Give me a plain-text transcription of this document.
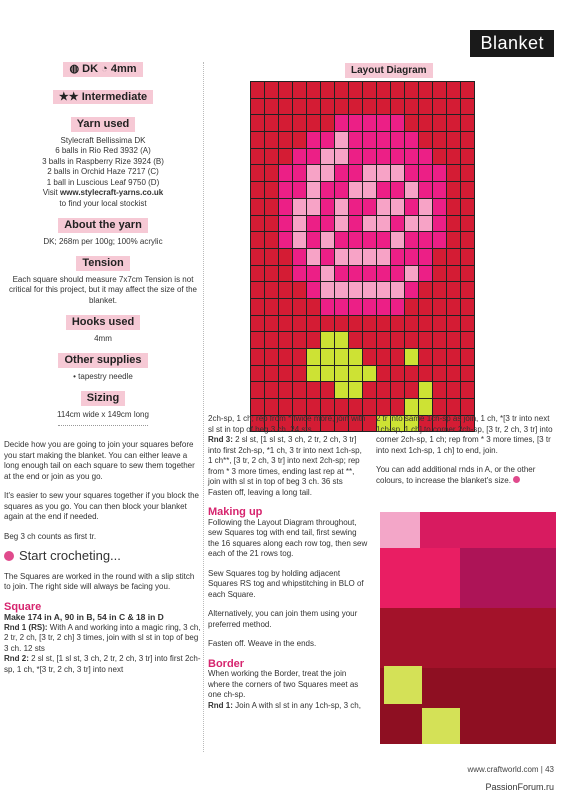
Blanket
◍ DK ◔ 4mm
★★ Intermediate
Yarn used
Stylecraft Bellissima DK
6 balls in Rio Red 3932 (A)
3 balls in Raspberry Rize 3924 (B)
2 balls in Orchid Haze 7217 (C)
1 ball in Luscious Leaf 9750 (D)
Visit www.stylecraft-yarns.co.uk
to find your local stockist
About the yarn
DK; 268m per 100g; 100% acrylic
Tension
Each square should measure 7x7cm Tension is not critical for this project, but it may affect the size of the blanket.
Hooks used
4mm
Other supplies
• tapestry needle
Sizing
114cm wide x 149cm long

Decide how you are going to join your squares before you start making the blanket. You can either leave a long enough tail on each square to sew them together at the end or join as you go.

It's easier to sew your squares together if you block the squares as you go. You can then block your blanket again at the end if needed.

Beg 3 ch counts as first tr.

Start crocheting...

The Squares are worked in the round with a slip stitch to join. The right side will always be facing you.

Square
Make 174 in A, 90 in B, 54 in C & 18 in D

Rnd 1 (RS): With A and working into a magic ring, 3 ch, 2 tr, 2 ch, [3 tr, 2 ch] 3 times, join with sl st in top of beg 3 ch. 12 sts

Rnd 2: 2 sl st, [1 sl st, 3 ch, 2 tr, 2 ch, 3 tr] into first 2ch-sp, 1 ch, *[3 tr, 2 ch, 3 tr] into next

Layout Diagram

2ch-sp, 1 ch; rep from * twice more, join with sl st in top of beg 3 ch. 24 sts

Rnd 3: 2 sl st, [1 sl st, 3 ch, 2 tr, 2 ch, 3 tr] into first 2ch-sp, *1 ch, 3 tr into next 1ch-sp, 1 ch**, [3 tr, 2 ch, 3 tr] into next 2ch-sp; rep from * 3 more times, ending last rep at **, join with sl st in top of beg 3 ch. 36 sts

Fasten off, leaving a long tail.

Making up

Following the Layout Diagram throughout, sew Squares tog with end tail, first sewing the 16 squares along each row tog, then sew each of the 21 rows tog.

Sew Squares tog by holding adjacent Squares RS tog and whipstitching in BLO of each Square.

Alternatively, you can join them using your preferred method.

Fasten off. Weave in the ends.

Border

When working the Border, treat the join where the corners of two Squares meet as one ch-sp.

Rnd 1: Join A with sl st in any 1ch-sp, 3 ch,

2 tr into same 1ch-sp as join, 1 ch, *[3 tr into next 1ch-sp, 1 ch] to corner 2ch-sp, [3 tr, 2 ch, 3 tr] into corner 2ch-sp, 1 ch; rep from * 3 more times, [3 tr into next 1ch-sp, 1 ch] to end, join.

You can add additional rnds in A, or the other colours, to increase the blanket's size.

www.craftworld.com | 43
PassionForum.ru
